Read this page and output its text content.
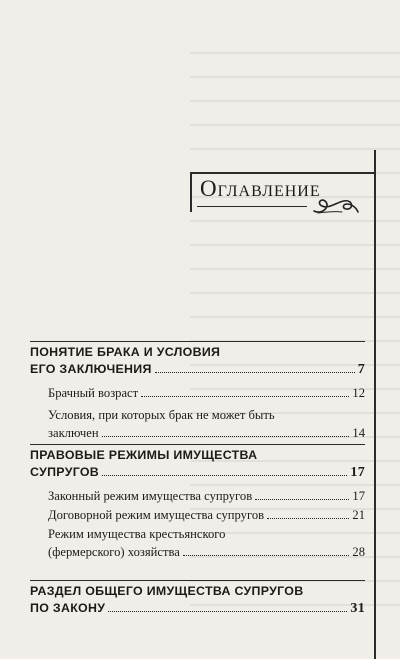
Оглавление
ПОНЯТИЕ БРАКА И УСЛОВИЯ
ЕГО ЗАКЛЮЧЕНИЯ	7
Брачный возраст	12
Условия, при которых брак не может быть
заключен	14
ПРАВОВЫЕ РЕЖИМЫ ИМУЩЕСТВА
СУПРУГОВ	17
Законный режим имущества супругов	17
Договорной режим имущества супругов	21
Режим имущества крестьянского
(фермерского) хозяйства	28
РАЗДЕЛ ОБЩЕГО ИМУЩЕСТВА СУПРУГОВ
ПО ЗАКОНУ	31
